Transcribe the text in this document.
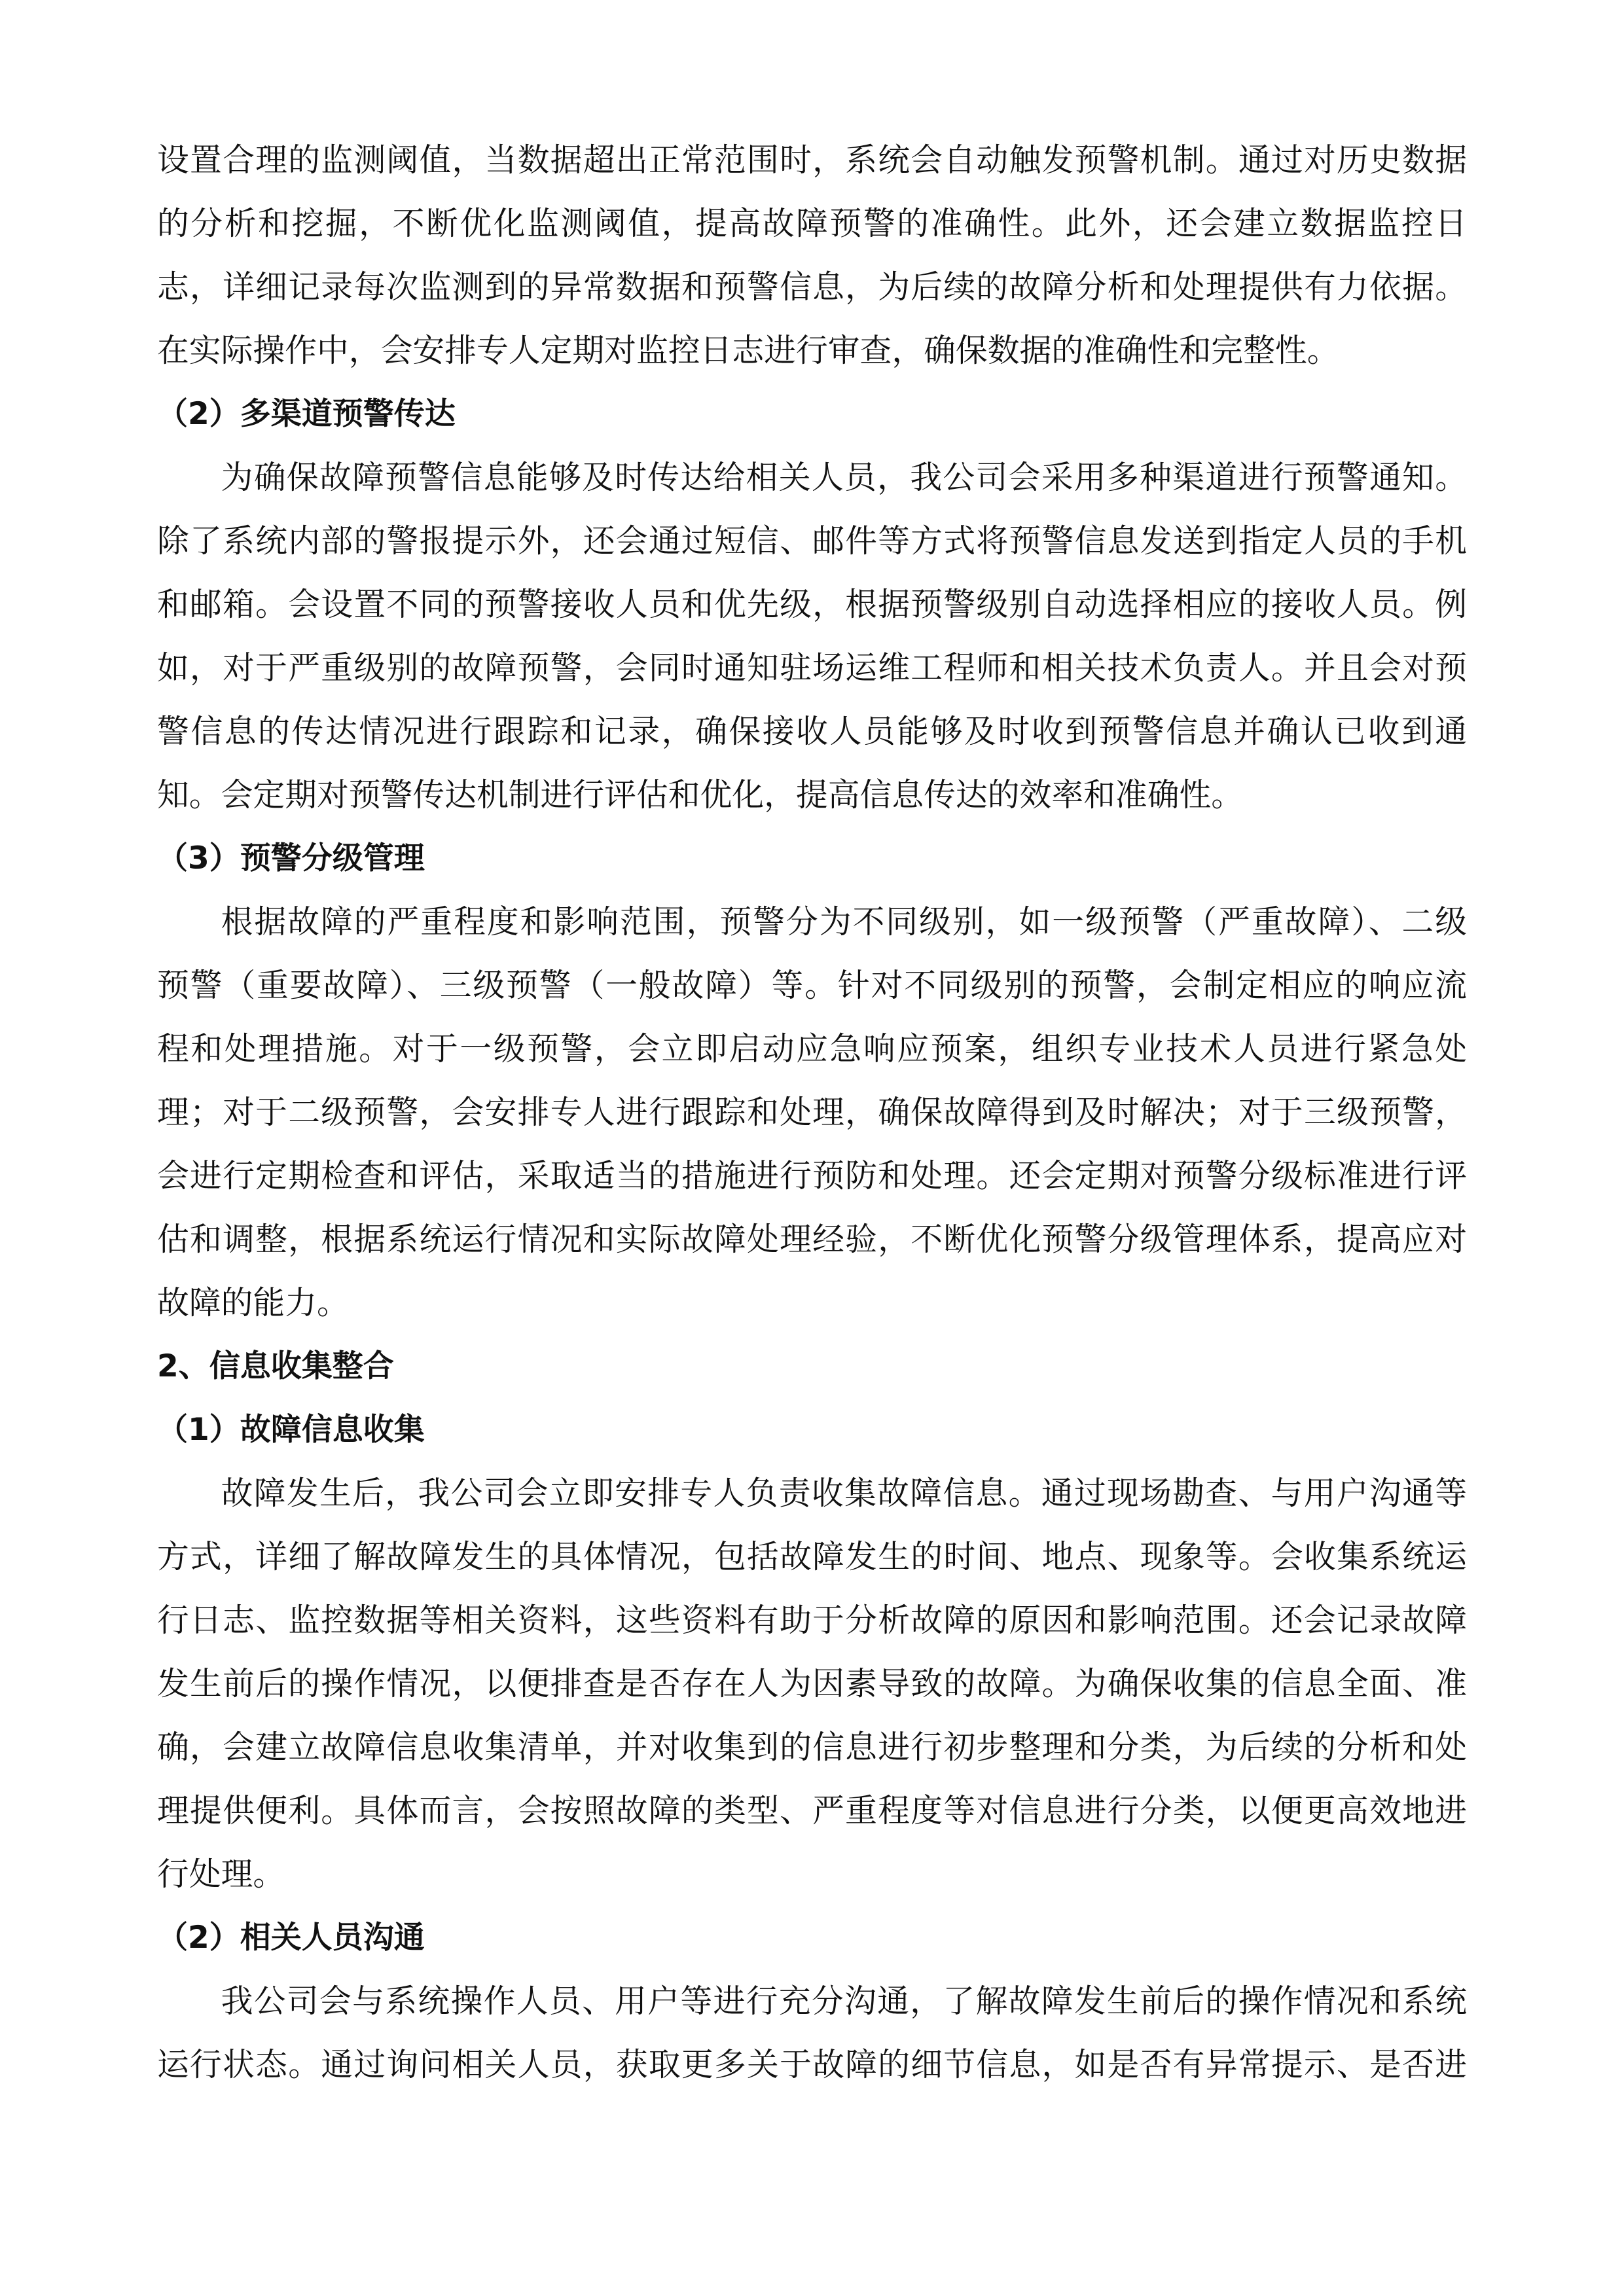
设置合理的监测阈值，当数据超出正常范围时，系统会自动触发预警机制。通过对历史数据
的分析和挖掘，不断优化监测阈值，提高故障预警的准确性。此外，还会建立数据监控日
志，详细记录每次监测到的异常数据和预警信息，为后续的故障分析和处理提供有力依据。
在实际操作中，会安排专人定期对监控日志进行审查，确保数据的准确性和完整性。
（2）多渠道预警传达
为确保故障预警信息能够及时传达给相关人员，我公司会采用多种渠道进行预警通知。
除了系统内部的警报提示外，还会通过短信、邮件等方式将预警信息发送到指定人员的手机
和邮箱。会设置不同的预警接收人员和优先级，根据预警级别自动选择相应的接收人员。例
如，对于严重级别的故障预警，会同时通知驻场运维工程师和相关技术负责人。并且会对预
警信息的传达情况进行跟踪和记录，确保接收人员能够及时收到预警信息并确认已收到通
知。会定期对预警传达机制进行评估和优化，提高信息传达的效率和准确性。
（3）预警分级管理
根据故障的严重程度和影响范围，预警分为不同级别，如一级预警（严重故障）、二级
预警（重要故障）、三级预警（一般故障）等。针对不同级别的预警，会制定相应的响应流
程和处理措施。对于一级预警，会立即启动应急响应预案，组织专业技术人员进行紧急处
理；对于二级预警，会安排专人进行跟踪和处理，确保故障得到及时解决；对于三级预警，
会进行定期检查和评估，采取适当的措施进行预防和处理。还会定期对预警分级标准进行评
估和调整，根据系统运行情况和实际故障处理经验，不断优化预警分级管理体系，提高应对
故障的能力。
2、信息收集整合
（1）故障信息收集
故障发生后，我公司会立即安排专人负责收集故障信息。通过现场勘查、与用户沟通等
方式，详细了解故障发生的具体情况，包括故障发生的时间、地点、现象等。会收集系统运
行日志、监控数据等相关资料，这些资料有助于分析故障的原因和影响范围。还会记录故障
发生前后的操作情况，以便排查是否存在人为因素导致的故障。为确保收集的信息全面、准
确，会建立故障信息收集清单，并对收集到的信息进行初步整理和分类，为后续的分析和处
理提供便利。具体而言，会按照故障的类型、严重程度等对信息进行分类，以便更高效地进
行处理。
（2）相关人员沟通
我公司会与系统操作人员、用户等进行充分沟通，了解故障发生前后的操作情况和系统
运行状态。通过询问相关人员，获取更多关于故障的细节信息，如是否有异常提示、是否进
